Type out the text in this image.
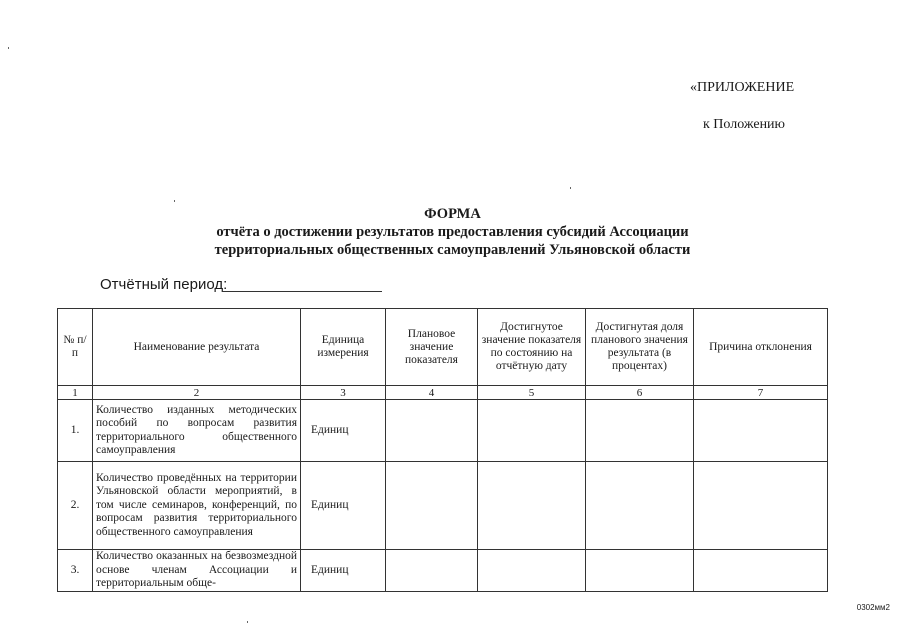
«ПРИЛОЖЕНИЕ
к Положению
ФОРМА
отчёта о достижении результатов предоставления субсидий Ассоциации
территориальных общественных самоуправлений Ульяновской области
Отчётный период:
№ п/п	Наименование результата	Единица измерения	Плановое значение показателя	Достигнутое значение показателя по состоянию на отчётную дату	Достигнутая доля планового значения результата (в процентах)	Причина отклонения
1	2	3	4	5	6	7
1.	Количество изданных методических пособий по вопросам развития территориального общественного самоуправления	Единиц				
2.	Количество проведённых на территории Ульяновской области мероприятий, в том числе семинаров, конференций, по вопросам развития территориального общественного самоуправления	Единиц				
3.	Количество оказанных на безвозмездной основе членам Ассоциации и территориальным обще-	Единиц				
0302мм2
